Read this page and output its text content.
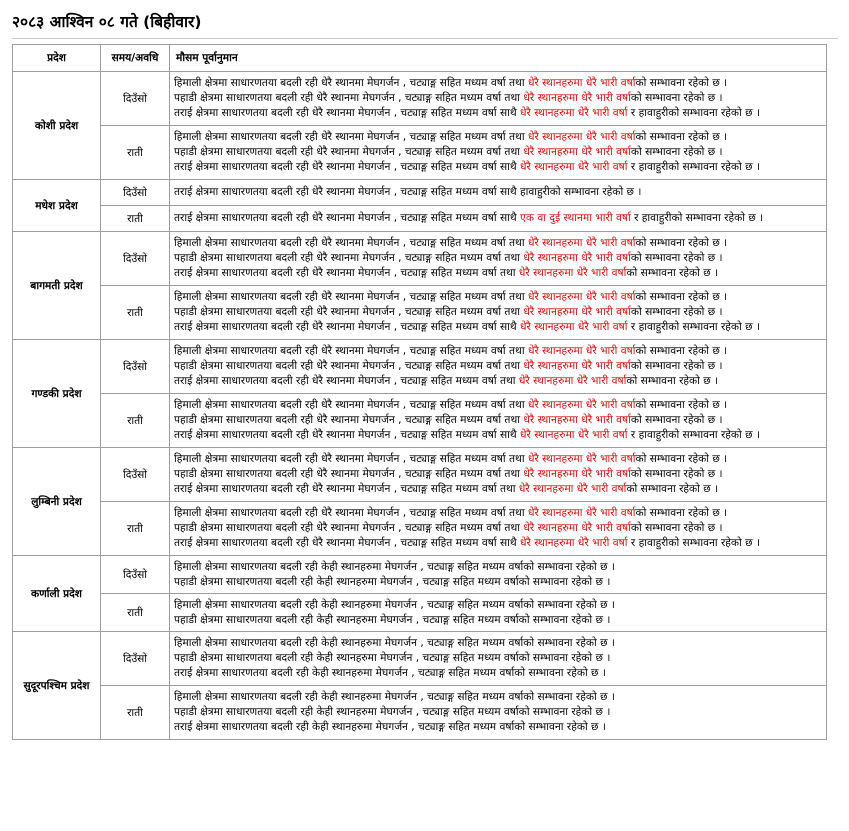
२०८३ आश्विन ०८ गते (बिहीवार)
प्रदेश	समय/अवधि	मौसम पूर्वानुमान
कोशी प्रदेश	दिउँसो	हिमाली क्षेत्रमा साधारणतया बदली रही धेरै स्थानमा मेघगर्जन , चट्याङ्ग सहित मध्यम वर्षा तथा धेरै स्थानहरुमा धेरै भारी वर्षाको सम्भावना रहेको छ ।
पहाडी क्षेत्रमा साधारणतया बदली रही धेरै स्थानमा मेघगर्जन , चट्याङ्ग सहित मध्यम वर्षा तथा धेरै स्थानहरुमा धेरै भारी वर्षाको सम्भावना रहेको छ ।
तराई क्षेत्रमा साधारणतया बदली रही धेरै स्थानमा मेघगर्जन , चट्याङ्ग सहित मध्यम वर्षा साथै धेरै स्थानहरुमा धेरै भारी वर्षा र हावाहुरीको सम्भावना रहेको छ ।

	राती	हिमाली क्षेत्रमा साधारणतया बदली रही धेरै स्थानमा मेघगर्जन , चट्याङ्ग सहित मध्यम वर्षा तथा धेरै स्थानहरुमा धेरै भारी वर्षाको सम्भावना रहेको छ ।
पहाडी क्षेत्रमा साधारणतया बदली रही धेरै स्थानमा मेघगर्जन , चट्याङ्ग सहित मध्यम वर्षा तथा धेरै स्थानहरुमा धेरै भारी वर्षाको सम्भावना रहेको छ ।
तराई क्षेत्रमा साधारणतया बदली रही धेरै स्थानमा मेघगर्जन , चट्याङ्ग सहित मध्यम वर्षा साथै धेरै स्थानहरुमा धेरै भारी वर्षा र हावाहुरीको सम्भावना रहेको छ ।

मधेश प्रदेश	दिउँसो	तराई क्षेत्रमा साधारणतया बदली रही धेरै स्थानमा मेघगर्जन , चट्याङ्ग सहित मध्यम वर्षा साथै हावाहुरीको सम्भावना रहेको छ ।

	राती	तराई क्षेत्रमा साधारणतया बदली रही धेरै स्थानमा मेघगर्जन , चट्याङ्ग सहित मध्यम वर्षा साथै एक वा दुई स्थानमा भारी वर्षा र हावाहुरीको सम्भावना रहेको छ ।

बागमती प्रदेश	दिउँसो	हिमाली क्षेत्रमा साधारणतया बदली रही धेरै स्थानमा मेघगर्जन , चट्याङ्ग सहित मध्यम वर्षा तथा धेरै स्थानहरुमा धेरै भारी वर्षाको सम्भावना रहेको छ ।
पहाडी क्षेत्रमा साधारणतया बदली रही धेरै स्थानमा मेघगर्जन , चट्याङ्ग सहित मध्यम वर्षा तथा धेरै स्थानहरुमा धेरै भारी वर्षाको सम्भावना रहेको छ ।
तराई क्षेत्रमा साधारणतया बदली रही धेरै स्थानमा मेघगर्जन , चट्याङ्ग सहित मध्यम वर्षा तथा धेरै स्थानहरुमा धेरै भारी वर्षाको सम्भावना रहेको छ ।

	राती	हिमाली क्षेत्रमा साधारणतया बदली रही धेरै स्थानमा मेघगर्जन , चट्याङ्ग सहित मध्यम वर्षा तथा धेरै स्थानहरुमा धेरै भारी वर्षाको सम्भावना रहेको छ ।
पहाडी क्षेत्रमा साधारणतया बदली रही धेरै स्थानमा मेघगर्जन , चट्याङ्ग सहित मध्यम वर्षा तथा धेरै स्थानहरुमा धेरै भारी वर्षाको सम्भावना रहेको छ ।
तराई क्षेत्रमा साधारणतया बदली रही धेरै स्थानमा मेघगर्जन , चट्याङ्ग सहित मध्यम वर्षा साथै धेरै स्थानहरुमा धेरै भारी वर्षा र हावाहुरीको सम्भावना रहेको छ ।

गण्डकी प्रदेश	दिउँसो	हिमाली क्षेत्रमा साधारणतया बदली रही धेरै स्थानमा मेघगर्जन , चट्याङ्ग सहित मध्यम वर्षा तथा धेरै स्थानहरुमा धेरै भारी वर्षाको सम्भावना रहेको छ ।
पहाडी क्षेत्रमा साधारणतया बदली रही धेरै स्थानमा मेघगर्जन , चट्याङ्ग सहित मध्यम वर्षा तथा धेरै स्थानहरुमा धेरै भारी वर्षाको सम्भावना रहेको छ ।
तराई क्षेत्रमा साधारणतया बदली रही धेरै स्थानमा मेघगर्जन , चट्याङ्ग सहित मध्यम वर्षा तथा धेरै स्थानहरुमा धेरै भारी वर्षाको सम्भावना रहेको छ ।

	राती	हिमाली क्षेत्रमा साधारणतया बदली रही धेरै स्थानमा मेघगर्जन , चट्याङ्ग सहित मध्यम वर्षा तथा धेरै स्थानहरुमा धेरै भारी वर्षाको सम्भावना रहेको छ ।
पहाडी क्षेत्रमा साधारणतया बदली रही धेरै स्थानमा मेघगर्जन , चट्याङ्ग सहित मध्यम वर्षा तथा धेरै स्थानहरुमा धेरै भारी वर्षाको सम्भावना रहेको छ ।
तराई क्षेत्रमा साधारणतया बदली रही धेरै स्थानमा मेघगर्जन , चट्याङ्ग सहित मध्यम वर्षा साथै धेरै स्थानहरुमा धेरै भारी वर्षा र हावाहुरीको सम्भावना रहेको छ ।

लुम्बिनी प्रदेश	दिउँसो	हिमाली क्षेत्रमा साधारणतया बदली रही धेरै स्थानमा मेघगर्जन , चट्याङ्ग सहित मध्यम वर्षा तथा धेरै स्थानहरुमा धेरै भारी वर्षाको सम्भावना रहेको छ ।
पहाडी क्षेत्रमा साधारणतया बदली रही धेरै स्थानमा मेघगर्जन , चट्याङ्ग सहित मध्यम वर्षा तथा धेरै स्थानहरुमा धेरै भारी वर्षाको सम्भावना रहेको छ ।
तराई क्षेत्रमा साधारणतया बदली रही धेरै स्थानमा मेघगर्जन , चट्याङ्ग सहित मध्यम वर्षा तथा धेरै स्थानहरुमा धेरै भारी वर्षाको सम्भावना रहेको छ ।

	राती	हिमाली क्षेत्रमा साधारणतया बदली रही धेरै स्थानमा मेघगर्जन , चट्याङ्ग सहित मध्यम वर्षा तथा धेरै स्थानहरुमा धेरै भारी वर्षाको सम्भावना रहेको छ ।
पहाडी क्षेत्रमा साधारणतया बदली रही धेरै स्थानमा मेघगर्जन , चट्याङ्ग सहित मध्यम वर्षा तथा धेरै स्थानहरुमा धेरै भारी वर्षाको सम्भावना रहेको छ ।
तराई क्षेत्रमा साधारणतया बदली रही धेरै स्थानमा मेघगर्जन , चट्याङ्ग सहित मध्यम वर्षा साथै धेरै स्थानहरुमा धेरै भारी वर्षा र हावाहुरीको सम्भावना रहेको छ ।

कर्णाली प्रदेश	दिउँसो	हिमाली क्षेत्रमा साधारणतया बदली रही केही स्थानहरुमा मेघगर्जन , चट्याङ्ग सहित मध्यम वर्षाको सम्भावना रहेको छ ।
पहाडी क्षेत्रमा साधारणतया बदली रही केही स्थानहरुमा मेघगर्जन , चट्याङ्ग सहित मध्यम वर्षाको सम्भावना रहेको छ ।

	राती	हिमाली क्षेत्रमा साधारणतया बदली रही केही स्थानहरुमा मेघगर्जन , चट्याङ्ग सहित मध्यम वर्षाको सम्भावना रहेको छ ।
पहाडी क्षेत्रमा साधारणतया बदली रही केही स्थानहरुमा मेघगर्जन , चट्याङ्ग सहित मध्यम वर्षाको सम्भावना रहेको छ ।

सुदूरपश्चिम प्रदेश	दिउँसो	हिमाली क्षेत्रमा साधारणतया बदली रही केही स्थानहरुमा मेघगर्जन , चट्याङ्ग सहित मध्यम वर्षाको सम्भावना रहेको छ ।
पहाडी क्षेत्रमा साधारणतया बदली रही केही स्थानहरुमा मेघगर्जन , चट्याङ्ग सहित मध्यम वर्षाको सम्भावना रहेको छ ।
तराई क्षेत्रमा साधारणतया बदली रही केही स्थानहरुमा मेघगर्जन , चट्याङ्ग सहित मध्यम वर्षाको सम्भावना रहेको छ ।

	राती	हिमाली क्षेत्रमा साधारणतया बदली रही केही स्थानहरुमा मेघगर्जन , चट्याङ्ग सहित मध्यम वर्षाको सम्भावना रहेको छ ।
पहाडी क्षेत्रमा साधारणतया बदली रही केही स्थानहरुमा मेघगर्जन , चट्याङ्ग सहित मध्यम वर्षाको सम्भावना रहेको छ ।
तराई क्षेत्रमा साधारणतया बदली रही केही स्थानहरुमा मेघगर्जन , चट्याङ्ग सहित मध्यम वर्षाको सम्भावना रहेको छ ।
